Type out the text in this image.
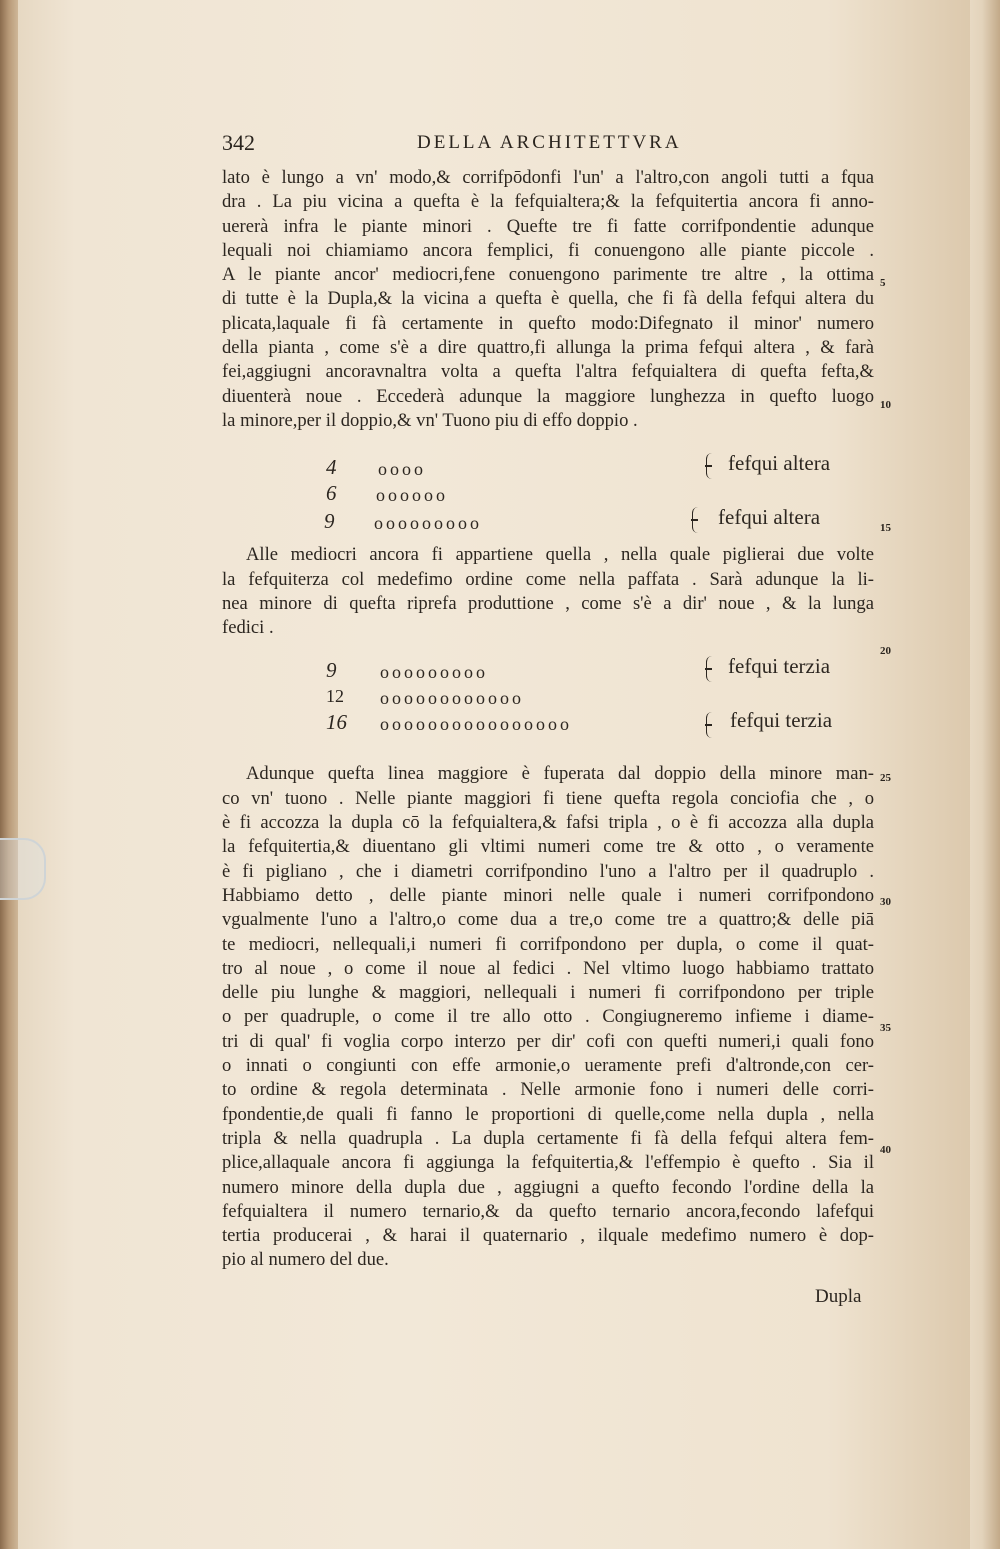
342	DELLA ARCHITETTVRA
lato è lungo a vn' modo,& corrifpōdonfi l'un' a l'altro,con angoli tutti a fqua
dra . La piu vicina a quefta è la fefquialtera;& la fefquitertia ancora fi anno-
uererà infra le piante minori . Quefte tre fi fatte corrifpondentie adunque
lequali noi chiamiamo ancora femplici, fi conuengono alle piante piccole .
A le piante ancor' mediocri,fene conuengono parimente tre altre , la ottima
di tutte è la Dupla,& la vicina a quefta è quella, che fi fà della fefqui altera du
plicata,laquale fi fà certamente in quefto modo:Difegnato il minor' numero
della pianta , come s'è a dire quattro,fi allunga la prima fefqui altera , & farà
fei,aggiugni ancoravnaltra volta a quefta l'altra fefquialtera di quefta fefta,&
diuenterà noue . Eccederà adunque la maggiore lunghezza in quefto luogo
la minore,per il doppio,& vn' Tuono piu di effo doppio .
4 oooo
6 oooooo
9 ooooooooo
fefqui altera
fefqui altera
Alle mediocri ancora fi appartiene quella , nella quale piglierai due volte
la fefquiterza col medefimo ordine come nella paffata . Sarà adunque la li-
nea minore di quefta riprefa produttione , come s'è a dir' noue , & la lunga
fedici .
9 ooooooooo
12 oooooooooooo
16 oooooooooooooooo
fefqui terzia
fefqui terzia
Adunque quefta linea maggiore è fuperata dal doppio della minore man-
co vn' tuono . Nelle piante maggiori fi tiene quefta regola conciofia che , o
è fi accozza la dupla cō la fefquialtera,& fafsi tripla , o è fi accozza alla dupla
la fefquitertia,& diuentano gli vltimi numeri come tre & otto , o veramente
è fi pigliano , che i diametri corrifpondino l'uno a l'altro per il quadruplo .
Habbiamo detto , delle piante minori nelle quale i numeri corrifpondono
vgualmente l'uno a l'altro,o come dua a tre,o come tre a quattro;& delle piā
te mediocri, nellequali,i numeri fi corrifpondono per dupla, o come il quat-
tro al noue , o come il noue al fedici . Nel vltimo luogo habbiamo trattato
delle piu lunghe & maggiori, nellequali i numeri fi corrifpondono per triple
o per quadruple, o come il tre allo otto . Congiugneremo infieme i diame-
tri di qual' fi voglia corpo interzo per dir' cofi con quefti numeri,i quali fono
o innati o congiunti con effe armonie,o ueramente prefi d'altronde,con cer-
to ordine & regola determinata . Nelle armonie fono i numeri delle corri-
fpondentie,de quali fi fanno le proportioni di quelle,come nella dupla , nella
tripla & nella quadrupla . La dupla certamente fi fà della fefqui altera fem-
plice,allaquale ancora fi aggiunga la fefquitertia,& l'effempio è quefto . Sia il
numero minore della dupla due , aggiugni a quefto fecondo l'ordine della la
fefquialtera il numero ternario,& da quefto ternario ancora,fecondo lafefqui
tertia producerai , & harai il quaternario , ilquale medefimo numero è dop-
pio al numero del due.
5
10
15
20
25
30
35
40
Dupla
